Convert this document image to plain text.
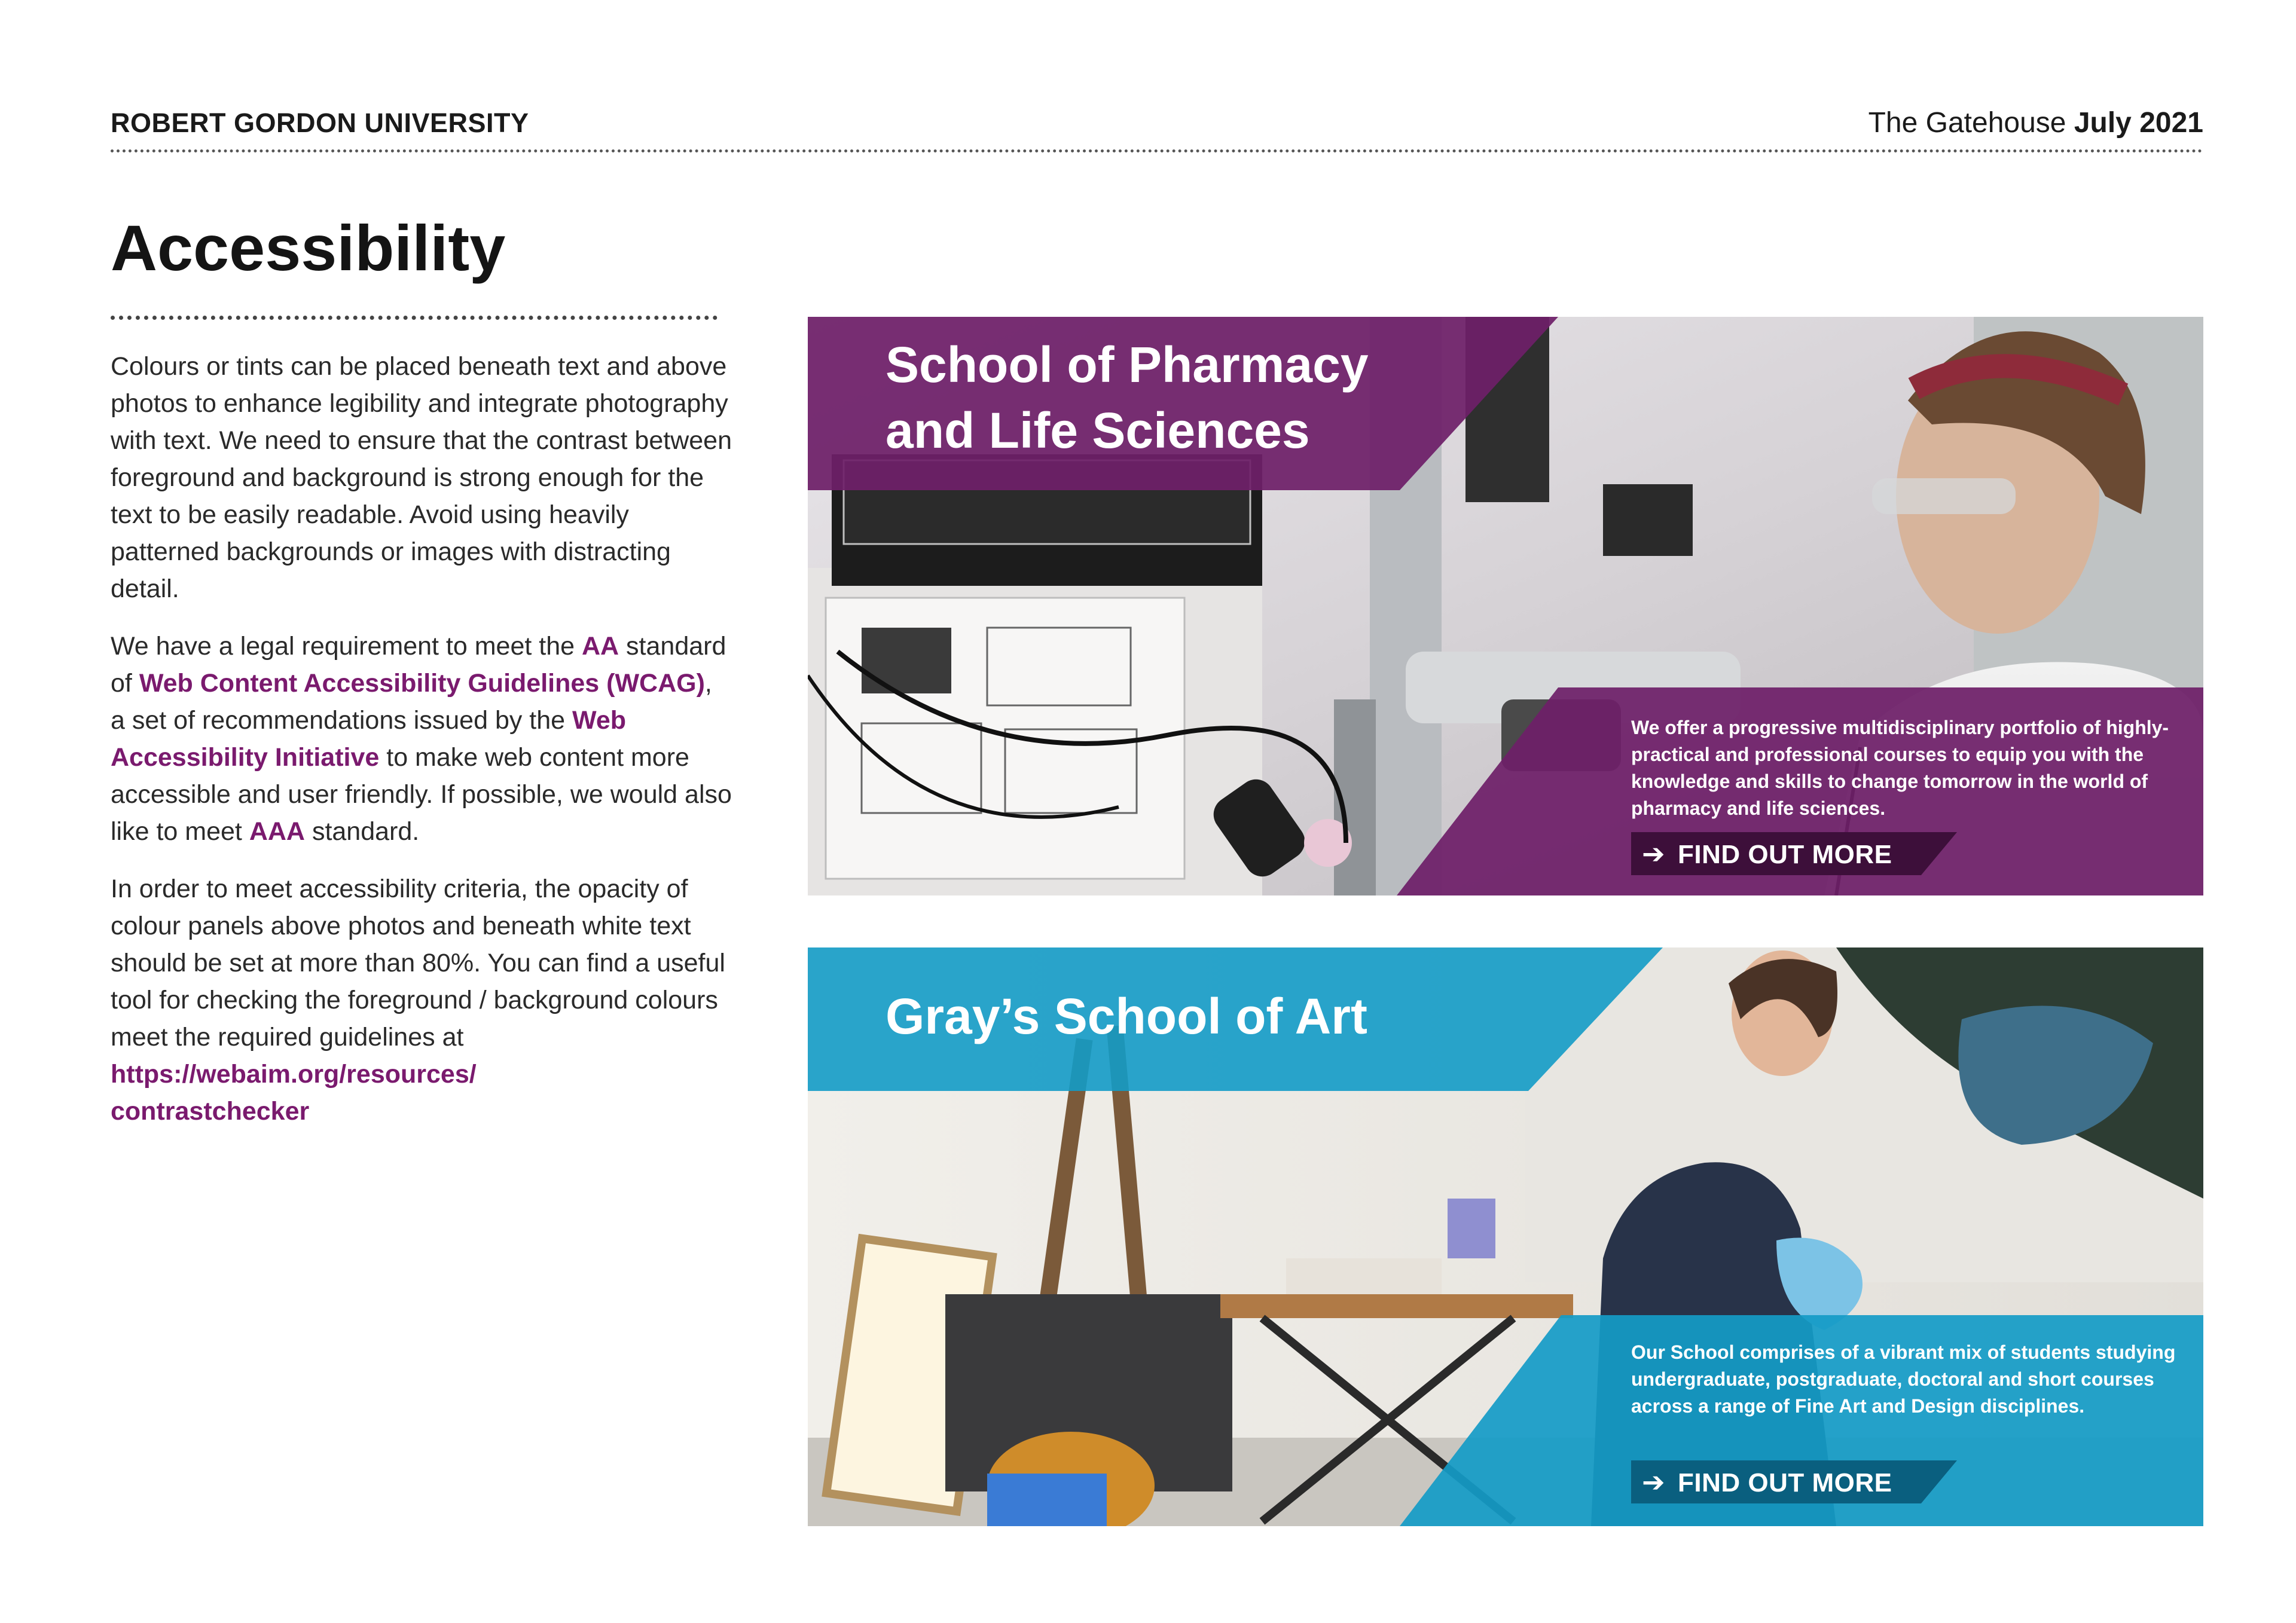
ROBERT GORDON UNIVERSITY	The Gatehouse July 2021
Accessibility

Colours or tints can be placed beneath text and above photos to enhance legibility and integrate photography with text. We need to ensure that the contrast between foreground and background is strong enough for the text to be easily readable. Avoid using heavily patterned backgrounds or images with distracting detail.

We have a legal requirement to meet the AA standard of Web Content Accessibility Guidelines (WCAG), a set of recommendations issued by the Web Accessibility Initiative to make web content more accessible and user friendly. If possible, we would also like to meet AAA standard.

In order to meet accessibility criteria, the opacity of colour panels above photos and beneath white text should be set at more than 80%. You can find a useful tool for checking the foreground / background colours meet the required guidelines at
https://webaim.org/resources/ contrastchecker

School of Pharmacy
and Life Sciences
We offer a progressive multidisciplinary portfolio of highly-practical and professional courses to equip you with the knowledge and skills to change tomorrow in the world of pharmacy and life sciences.
➔ FIND OUT MORE
Gray’s School of Art
Our School comprises of a vibrant mix of students studying undergraduate, postgraduate, doctoral and short courses across a range of Fine Art and Design disciplines.
➔ FIND OUT MORE
